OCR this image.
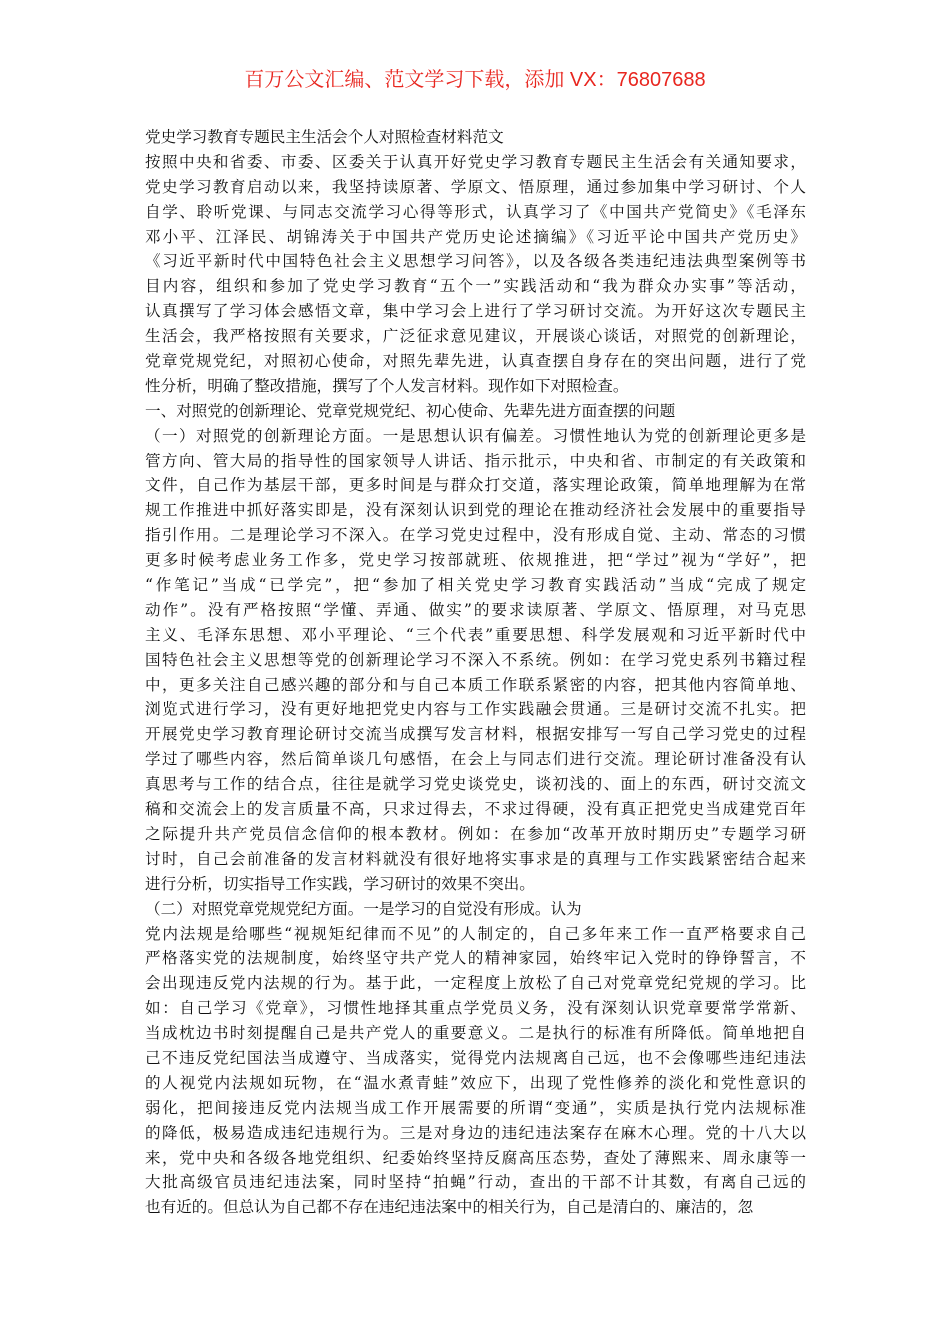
百万公文汇编、范文学习下载，添加 VX：76807688
党史学习教育专题民主生活会个人对照检查材料范文
按照中央和省委、市委、区委关于认真开好党史学习教育专题民主生活会有关通知要求，
党史学习教育启动以来，我坚持读原著、学原文、悟原理，通过参加集中学习研讨、个人
自学、聆听党课、与同志交流学习心得等形式，认真学习了《中国共产党简史》《毛泽东
邓小平、江泽民、胡锦涛关于中国共产党历史论述摘编》《习近平论中国共产党历史》
《习近平新时代中国特色社会主义思想学习问答》，以及各级各类违纪违法典型案例等书
目内容，组织和参加了党史学习教育“五个一”实践活动和“我为群众办实事”等活动，
认真撰写了学习体会感悟文章，集中学习会上进行了学习研讨交流。为开好这次专题民主
生活会，我严格按照有关要求，广泛征求意见建议，开展谈心谈话，对照党的创新理论，
党章党规党纪，对照初心使命，对照先辈先进，认真查摆自身存在的突出问题，进行了党
性分析，明确了整改措施，撰写了个人发言材料。现作如下对照检查。
一、对照党的创新理论、党章党规党纪、初心使命、先辈先进方面查摆的问题
（一）对照党的创新理论方面。一是思想认识有偏差。习惯性地认为党的创新理论更多是
管方向、管大局的指导性的国家领导人讲话、指示批示，中央和省、市制定的有关政策和
文件，自己作为基层干部，更多时间是与群众打交道，落实理论政策，简单地理解为在常
规工作推进中抓好落实即是，没有深刻认识到党的理论在推动经济社会发展中的重要指导
指引作用。二是理论学习不深入。在学习党史过程中，没有形成自觉、主动、常态的习惯
更多时候考虑业务工作多，党史学习按部就班、依规推进，把“学过”视为“学好”，把
“作笔记”当成“已学完”，把“参加了相关党史学习教育实践活动”当成“完成了规定
动作”。没有严格按照“学懂、弄通、做实”的要求读原著、学原文、悟原理，对马克思
主义、毛泽东思想、邓小平理论、“三个代表”重要思想、科学发展观和习近平新时代中
国特色社会主义思想等党的创新理论学习不深入不系统。例如：在学习党史系列书籍过程
中，更多关注自己感兴趣的部分和与自己本质工作联系紧密的内容，把其他内容简单地、
浏览式进行学习，没有更好地把党史内容与工作实践融会贯通。三是研讨交流不扎实。把
开展党史学习教育理论研讨交流当成撰写发言材料，根据安排写一写自己学习党史的过程
学过了哪些内容，然后简单谈几句感悟，在会上与同志们进行交流。理论研讨准备没有认
真思考与工作的结合点，往往是就学习党史谈党史，谈初浅的、面上的东西，研讨交流文
稿和交流会上的发言质量不高，只求过得去，不求过得硬，没有真正把党史当成建党百年
之际提升共产党员信念信仰的根本教材。例如：在参加“改革开放时期历史”专题学习研
讨时，自己会前准备的发言材料就没有很好地将实事求是的真理与工作实践紧密结合起来
进行分析，切实指导工作实践，学习研讨的效果不突出。
（二）对照党章党规党纪方面。一是学习的自觉没有形成。认为
党内法规是给哪些“视规矩纪律而不见”的人制定的，自己多年来工作一直严格要求自己
严格落实党的法规制度，始终坚守共产党人的精神家园，始终牢记入党时的铮铮誓言，不
会出现违反党内法规的行为。基于此，一定程度上放松了自己对党章党纪党规的学习。比
如：自己学习《党章》，习惯性地择其重点学党员义务，没有深刻认识党章要常学常新、
当成枕边书时刻提醒自己是共产党人的重要意义。二是执行的标准有所降低。简单地把自
己不违反党纪国法当成遵守、当成落实，觉得党内法规离自己远，也不会像哪些违纪违法
的人视党内法规如玩物，在“温水煮青蛙”效应下，出现了党性修养的淡化和党性意识的
弱化，把间接违反党内法规当成工作开展需要的所谓“变通”，实质是执行党内法规标准
的降低，极易造成违纪违规行为。三是对身边的违纪违法案存在麻木心理。党的十八大以
来，党中央和各级各地党组织、纪委始终坚持反腐高压态势，查处了薄熙来、周永康等一
大批高级官员违纪违法案，同时坚持“拍蝇”行动，查出的干部不计其数，有离自己远的
也有近的。但总认为自己都不存在违纪违法案中的相关行为，自己是清白的、廉洁的，忽
